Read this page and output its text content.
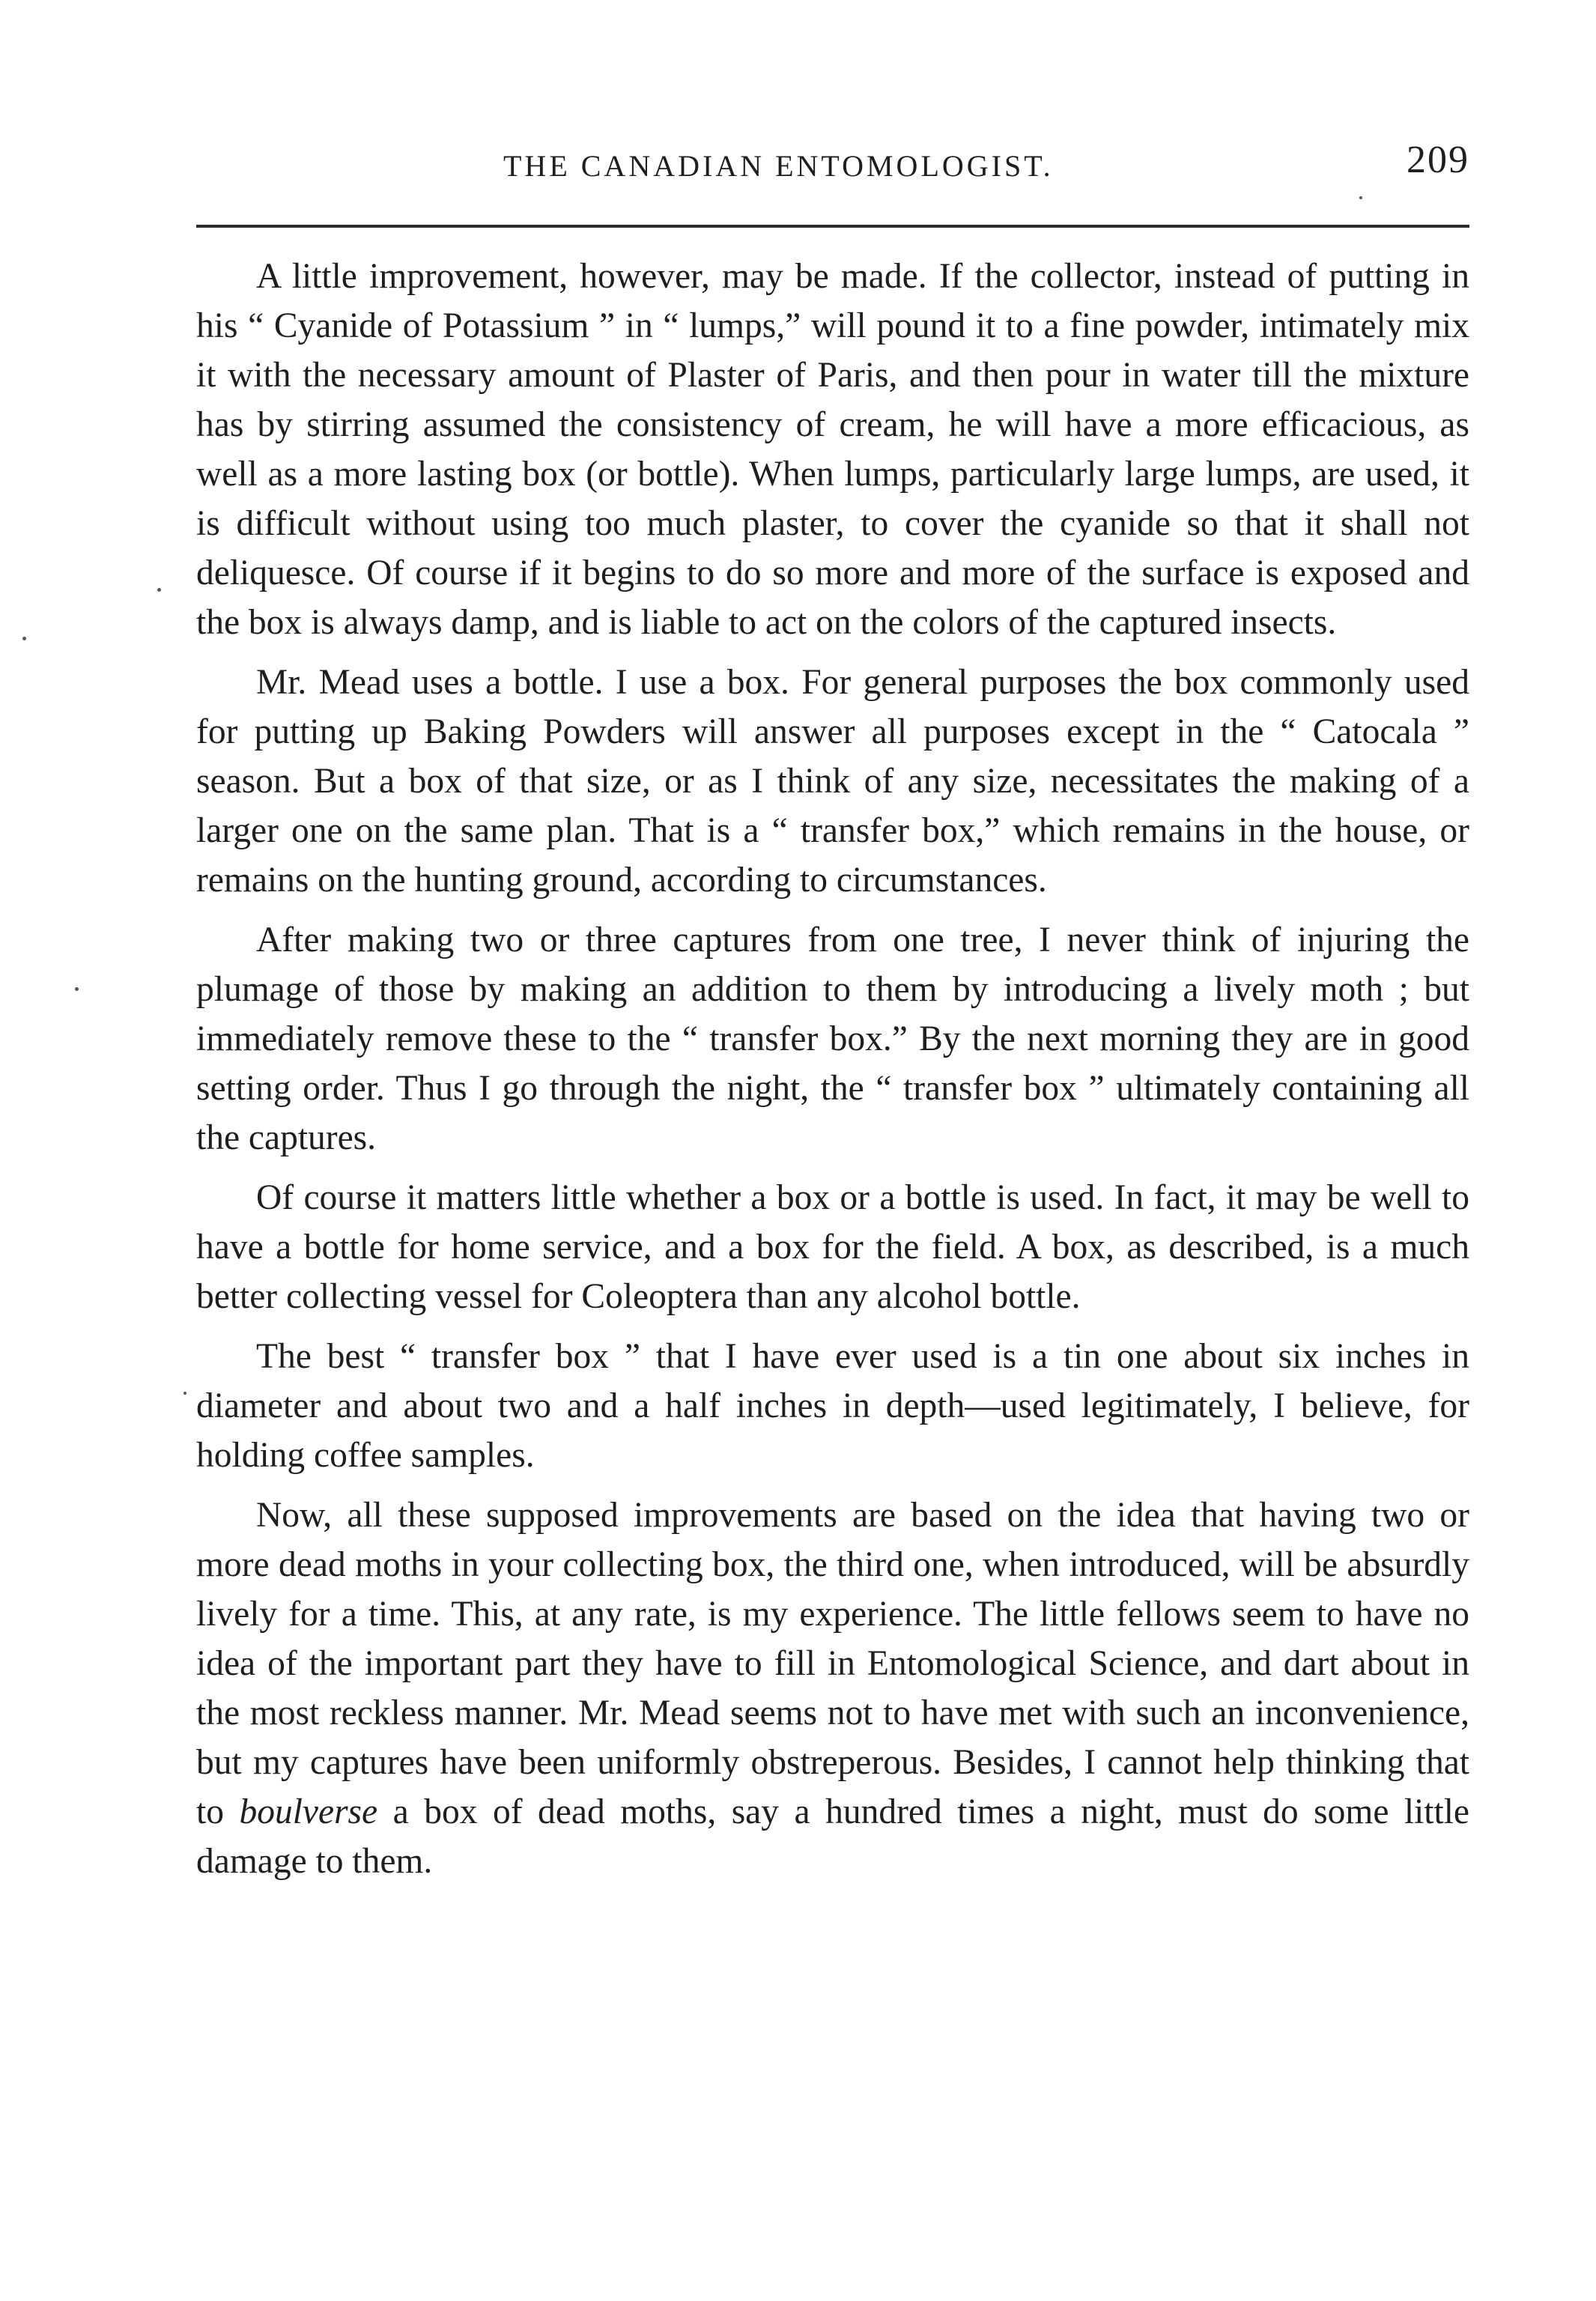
THE CANADIAN ENTOMOLOGIST.	209

A little improvement, however, may be made. If the collector, instead of putting in his “ Cyanide of Potassium ” in “ lumps,” will pound it to a fine powder, intimately mix it with the necessary amount of Plaster of Paris, and then pour in water till the mixture has by stirring assumed the consistency of cream, he will have a more efficacious, as well as a more lasting box (or bottle). When lumps, particularly large lumps, are used, it is difficult without using too much plaster, to cover the cyanide so that it shall not deliquesce. Of course if it begins to do so more and more of the surface is exposed and the box is always damp, and is liable to act on the colors of the captured insects.

Mr. Mead uses a bottle. I use a box. For general purposes the box commonly used for putting up Baking Powders will answer all purposes except in the “ Catocala ” season. But a box of that size, or as I think of any size, necessitates the making of a larger one on the same plan. That is a “ transfer box,” which remains in the house, or remains on the hunting ground, according to circumstances.

After making two or three captures from one tree, I never think of injuring the plumage of those by making an addition to them by introducing a lively moth ; but immediately remove these to the “ transfer box.” By the next morning they are in good setting order. Thus I go through the night, the “ transfer box ” ultimately containing all the captures.

Of course it matters little whether a box or a bottle is used. In fact, it may be well to have a bottle for home service, and a box for the field. A box, as described, is a much better collecting vessel for Coleoptera than any alcohol bottle.

The best “ transfer box ” that I have ever used is a tin one about six inches in diameter and about two and a half inches in depth—used legitimately, I believe, for holding coffee samples.

Now, all these supposed improvements are based on the idea that having two or more dead moths in your collecting box, the third one, when introduced, will be absurdly lively for a time. This, at any rate, is my experience. The little fellows seem to have no idea of the important part they have to fill in Entomological Science, and dart about in the most reckless manner. Mr. Mead seems not to have met with such an inconvenience, but my captures have been uniformly obstreperous. Besides, I cannot help thinking that to boulverse a box of dead moths, say a hundred times a night, must do some little damage to them.
